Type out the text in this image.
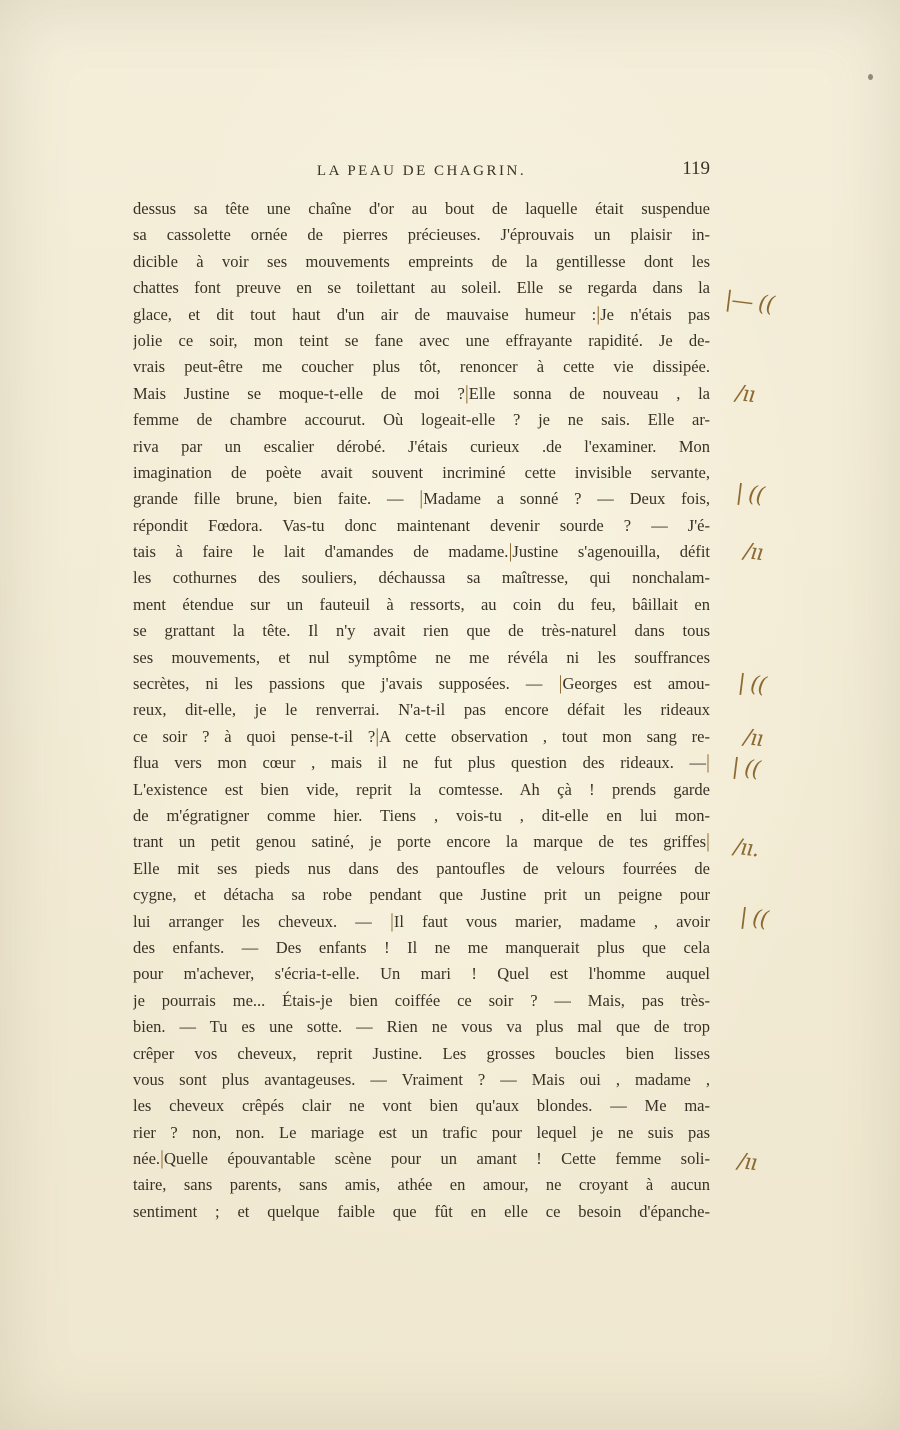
LA PEAU DE CHAGRIN.	119
dessus sa tête une chaîne d'or au bout de laquelle était suspendue
sa cassolette ornée de pierres précieuses. J'éprouvais un plaisir in-
dicible à voir ses mouvements empreints de la gentillesse dont les
chattes font preuve en se toilettant au soleil. Elle se regarda dans la
glace, et dit tout haut d'un air de mauvaise humeur :|Je n'étais pas
jolie ce soir, mon teint se fane avec une effrayante rapidité. Je de-
vrais peut-être me coucher plus tôt, renoncer à cette vie dissipée.
Mais Justine se moque-t-elle de moi ?|Elle sonna de nouveau , la
femme de chambre accourut. Où logeait-elle ? je ne sais. Elle ar-
riva par un escalier dérobé. J'étais curieux .de l'examiner. Mon
imagination de poète avait souvent incriminé cette invisible servante,
grande fille brune, bien faite. — |Madame a sonné ? — Deux fois,
répondit Fœdora. Vas-tu donc maintenant devenir sourde ? — J'é-
tais à faire le lait d'amandes de madame.|Justine s'agenouilla, défit
les cothurnes des souliers, déchaussa sa maîtresse, qui nonchalam-
ment étendue sur un fauteuil à ressorts, au coin du feu, bâillait en
se grattant la tête. Il n'y avait rien que de très-naturel dans tous
ses mouvements, et nul symptôme ne me révéla ni les souffrances
secrètes, ni les passions que j'avais supposées. — |Georges est amou-
reux, dit-elle, je le renverrai. N'a-t-il pas encore défait les rideaux
ce soir ? à quoi pense-t-il ?|A cette observation , tout mon sang re-
flua vers mon cœur , mais il ne fut plus question des rideaux. —|
L'existence est bien vide, reprit la comtesse. Ah çà ! prends garde
de m'égratigner comme hier. Tiens , vois-tu , dit-elle en lui mon-
trant un petit genou satiné, je porte encore la marque de tes griffes|
Elle mit ses pieds nus dans des pantoufles de velours fourrées de
cygne, et détacha sa robe pendant que Justine prit un peigne pour
lui arranger les cheveux. — |Il faut vous marier, madame , avoir
des enfants. — Des enfants ! Il ne me manquerait plus que cela
pour m'achever, s'écria-t-elle. Un mari ! Quel est l'homme auquel
je pourrais me... Étais-je bien coiffée ce soir ? — Mais, pas très-
bien. — Tu es une sotte. — Rien ne vous va plus mal que de trop
crêper vos cheveux, reprit Justine. Les grosses boucles bien lisses
vous sont plus avantageuses. — Vraiment ? — Mais oui , madame ,
les cheveux crêpés clair ne vont bien qu'aux blondes. — Me ma-
rier ? non, non. Le mariage est un trafic pour lequel je ne suis pas
née.|Quelle épouvantable scène pour un amant ! Cette femme soli-
taire, sans parents, sans amis, athée en amour, ne croyant à aucun
sentiment ; et quelque faible que fût en elle ce besoin d'épanche-
|— ((
/ıı
| ((
/ıı
| ((
/ıı
| ((
/ıı.
| ((
/ıı
